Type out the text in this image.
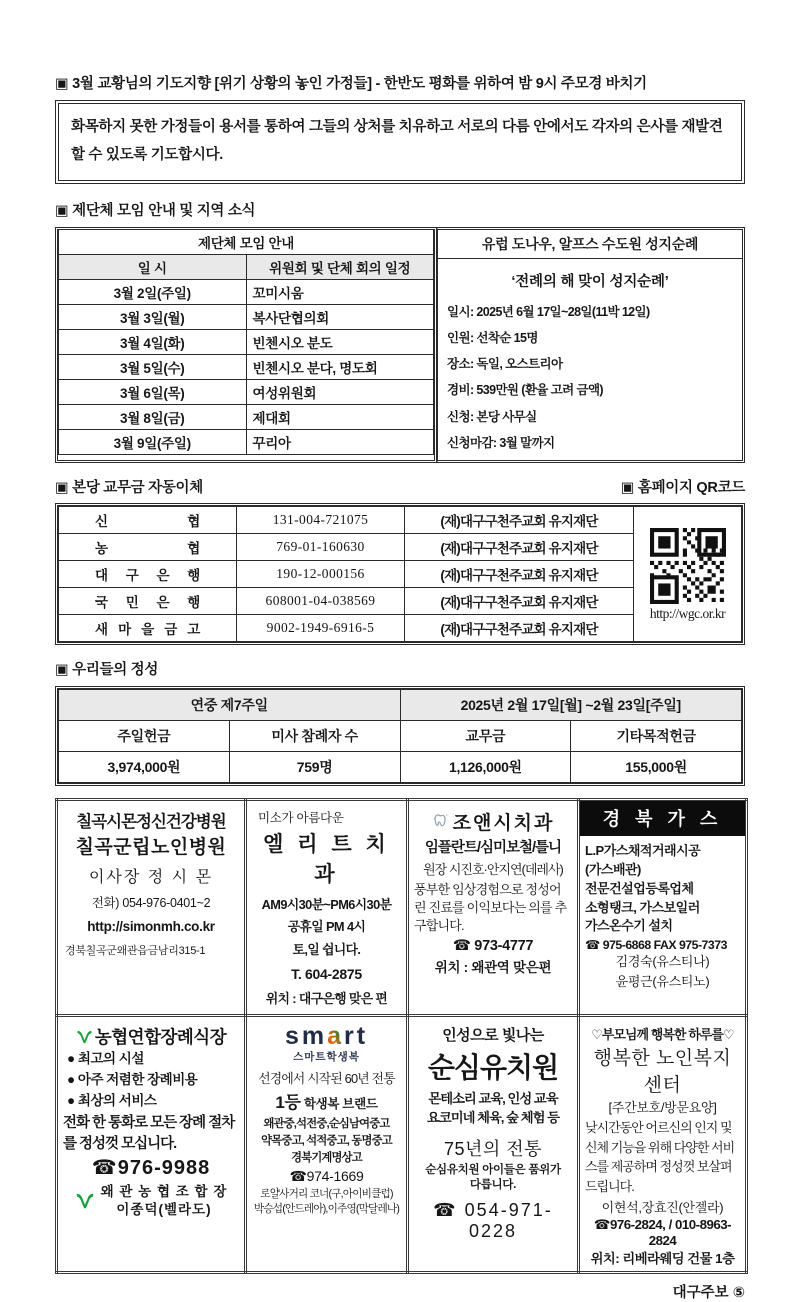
▣ 3월 교황님의 기도지향 [위기 상황의 놓인 가정들] - 한반도 평화를 위하여 밤 9시 주모경 바치기
화목하지 못한 가정들이 용서를 통하여 그들의 상처를 치유하고 서로의 다름 안에서도 각자의 은사를 재발견할 수 있도록 기도합시다.
▣ 제단체 모임 안내 및 지역 소식
제단체 모임 안내	
일 시	위원회 및 단체 회의 일정
3월 2일(주일)	꼬미시움
3월 3일(월)	복사단협의회
3월 4일(화)	빈첸시오 분도
3월 5일(수)	빈첸시오 분다, 명도회
3월 6일(목)	여성위원회
3월 8일(금)	제대회
3월 9일(주일)	꾸리아
유럽 도나우, 알프스 수도원 성지순례
‘전례의 해 맞이 성지순례’
일시: 2025년 6월 17일~28일(11박 12일)
인원: 선착순 15명
장소: 독일, 오스트리아
경비: 539만원 (환율 고려 금액)
신청: 본당 사무실
신청마감: 3월 말까지
▣ 본당 교무금 자동이체	▣ 홈페이지 QR코드
신 협	131-004-721075	(재)대구구천주교회 유지재단	http://wgc.or.kr

농 협	769-01-160630	(재)대구구천주교회 유지재단	

대 구 은 행	190-12-000156	(재)대구구천주교회 유지재단	

국 민 은 행	608001-04-038569	(재)대구구천주교회 유지재단	

새 마 을 금 고	9002-1949-6916-5	(재)대구구천주교회 유지재단	
▣ 우리들의 정성
연중 제7주일		2025년 2월 17일[월] ~2월 23일[주일]	
주일헌금	미사 참례자 수	교무금	기타목적헌금
3,974,000원	759명	1,126,000원	155,000원
칠곡시몬정신건강병원
칠곡군립노인병원
이사장 정 시 몬
전화) 054-976-0401~2
http://simonmh.co.kr
경북칠곡군왜관읍금남리315-1

미소가 아름다운
엘 리 트 치 과
AM9시30분~PM6시30분
공휴일 PM 4시
토,일 쉽니다.
T. 604-2875
위치 : 대구은행 맞은 편

조앤시치과
임플란트/심미보철/틀니
원장 시진호·안지연(데레사)
풍부한 임상경험으로 정성어린 진료를 이익보다는 의를 추구합니다.
☎ 973-4777
위치 : 왜관역 맞은편

경 북 가 스
L.P가스채적거래시공
(가스배관)
전문건설업등록업체
소형탱크, 가스보일러
가스온수기 설치
☎ 975-6868 FAX 975-7373
김경숙(유스티나)
윤평근(유스티노)

농협연합장례식장
● 최고의 시설
● 아주 저렴한 장례비용
● 최상의 서비스
전화 한 통화로 모든 장례 절차를 정성껏 모십니다.
☎976-9988
왜 관 농 협 조 합 장
이종덕(벨라도)

smart
스마트학생복
선경에서 시작된 60년 전통
1등 학생복 브랜드
왜관중,석전중,순심남여중고
약목중고, 석적중고, 동명중고
경북기계명상고
☎974-1669
로얄사거리 코너(구,아이비클럽)
박승섭(안드레아),이주영(막달레나)

인성으로 빛나는
순심유치원
몬테소리 교육, 인성 교육
요코미네 체육, 숲 체험 등
75년의 전통
순심유치원 아이들은 품위가
다릅니다.
☎ 054-971-0228

♡부모님께 행복한 하루를♡
행복한 노인복지센터
[주간보호/방문요양]
낮시간동안 어르신의 인지 및 신체 기능을 위해 다양한 서비스를 제공하며 정성껏 보살펴드립니다.
이현석,장효진(안젤라)
☎976-2824, / 010-8963-2824
위치: 리베라웨딩 건물 1층
대구주보 ⑤
